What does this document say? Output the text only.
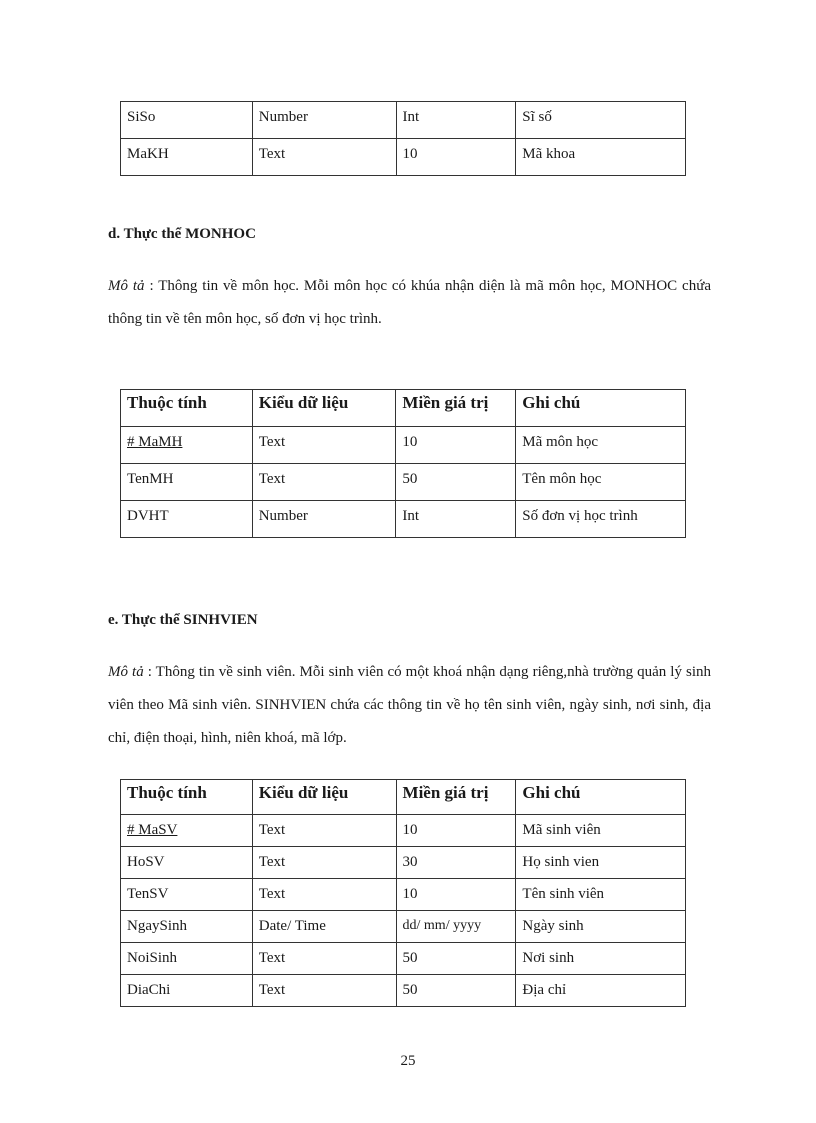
SiSo	Number	Int	Sĩ số
MaKH	Text	10	Mã khoa
d. Thực thể MONHOC
Mô tả : Thông tin về môn học. Mỗi môn học có khúa nhận diện là mã môn học, MONHOC chứa thông tin về tên môn học, số đơn vị học trình.
Thuộc tính	Kiểu dữ liệu	Miền giá trị	Ghi chú
# MaMH	Text	10	Mã môn học
TenMH	Text	50	Tên môn học
DVHT	Number	Int	Số đơn vị học trình
e. Thực thể SINHVIEN
Mô tả : Thông tin về sinh viên. Mỗi sinh viên có một khoá nhận dạng riêng,nhà trường quản lý sinh viên theo Mã sinh viên. SINHVIEN chứa các thông tin về họ tên sinh viên, ngày sinh, nơi sinh, địa chỉ, điện thoại, hình, niên khoá, mã lớp.
Thuộc tính	Kiểu dữ liệu	Miền giá trị	Ghi chú
# MaSV	Text	10	Mã sinh viên
HoSV	Text	30	Họ sinh vien
TenSV	Text	10	Tên sinh viên
NgaySinh	Date/ Time	dd/ mm/ yyyy	Ngày sinh
NoiSinh	Text	50	Nơi sinh
DiaChi	Text	50	Địa chỉ
25
